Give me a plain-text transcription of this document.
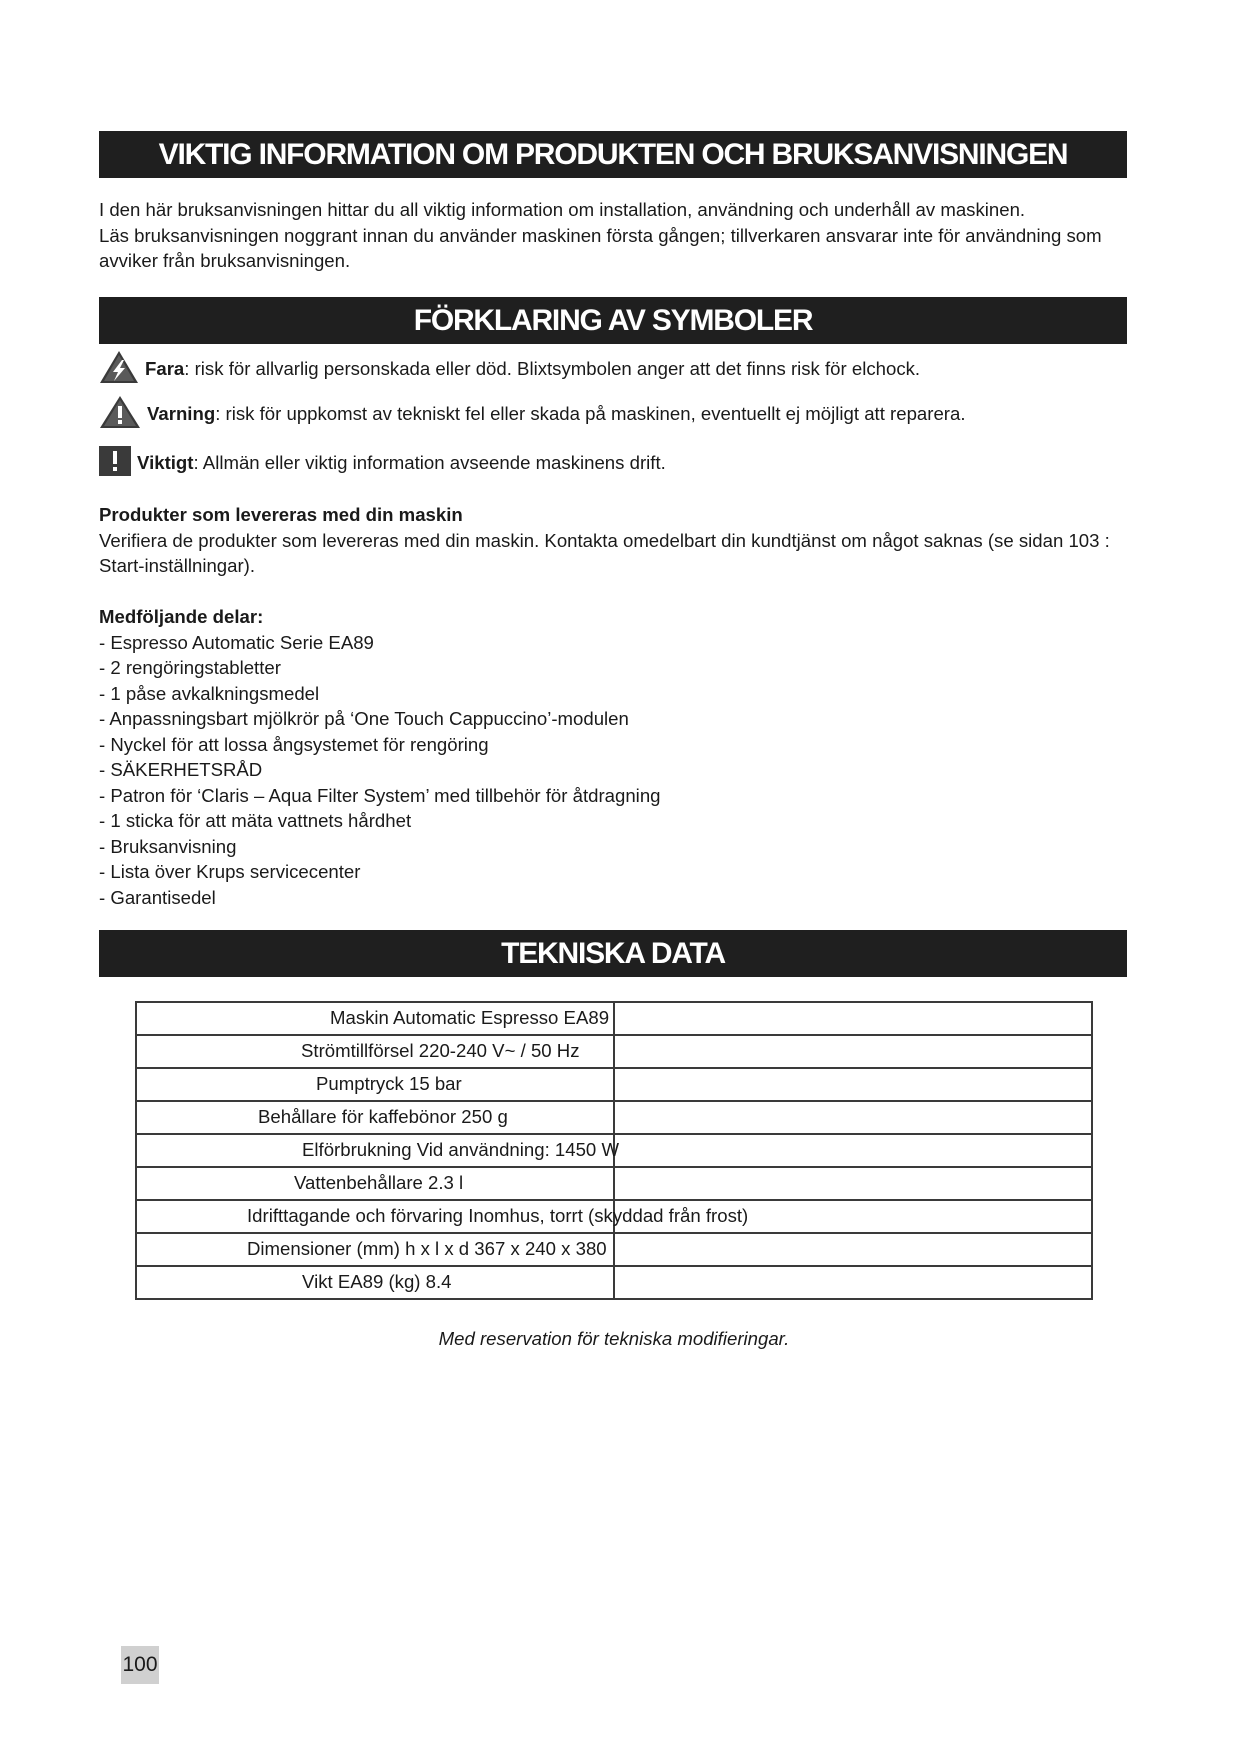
VIKTIG INFORMATION OM PRODUKTEN OCH BRUKSANVISNINGEN
I den här bruksanvisningen hittar du all viktig information om installation, användning och underhåll av maskinen.
Läs bruksanvisningen noggrant innan du använder maskinen första gången; tillverkaren ansvarar inte för användning som avviker från bruksanvisningen.
FÖRKLARING AV SYMBOLER
Fara : risk för allvarlig personskada eller död. Blixtsymbolen anger att det finns risk för elchock.
Varning : risk för uppkomst av tekniskt fel eller skada på maskinen, eventuellt ej möjligt att reparera.
Viktigt : Allmän eller viktig information avseende maskinens drift.
Produkter som levereras med din maskin
Verifiera de produkter som levereras med din maskin. Kontakta omedelbart din kundtjänst om något saknas (se sidan 103 : Start-inställningar).
Medföljande delar:
- Espresso Automatic Serie EA89
- 2 rengöringstabletter
- 1 påse avkalkningsmedel
- Anpassningsbart mjölkrör på ‘One Touch Cappuccino’-modulen
- Nyckel för att lossa ångsystemet för rengöring
- SÄKERHETSRÅD
- Patron för ‘Claris – Aqua Filter System’ med tillbehör för åtdragning
- 1 sticka för att mäta vattnets hårdhet
- Bruksanvisning
- Lista över Krups servicecenter
- Garantisedel
TEKNISKA DATA
Maskin Automatic Espresso EA89	

Strömtillförsel 220-240 V~ / 50 Hz	

Pumptryck 15 bar	

Behållare för kaffebönor 250 g	

Elförbrukning Vid användning: 1450 W	

Vattenbehållare 2.3 l	

Idrifttagande och förvaring Inomhus, torrt (skyddad från frost)	

Dimensioner (mm) h x l x d 367 x 240 x 380	

Vikt EA89 (kg) 8.4	

Med reservation för tekniska modifieringar.
100
